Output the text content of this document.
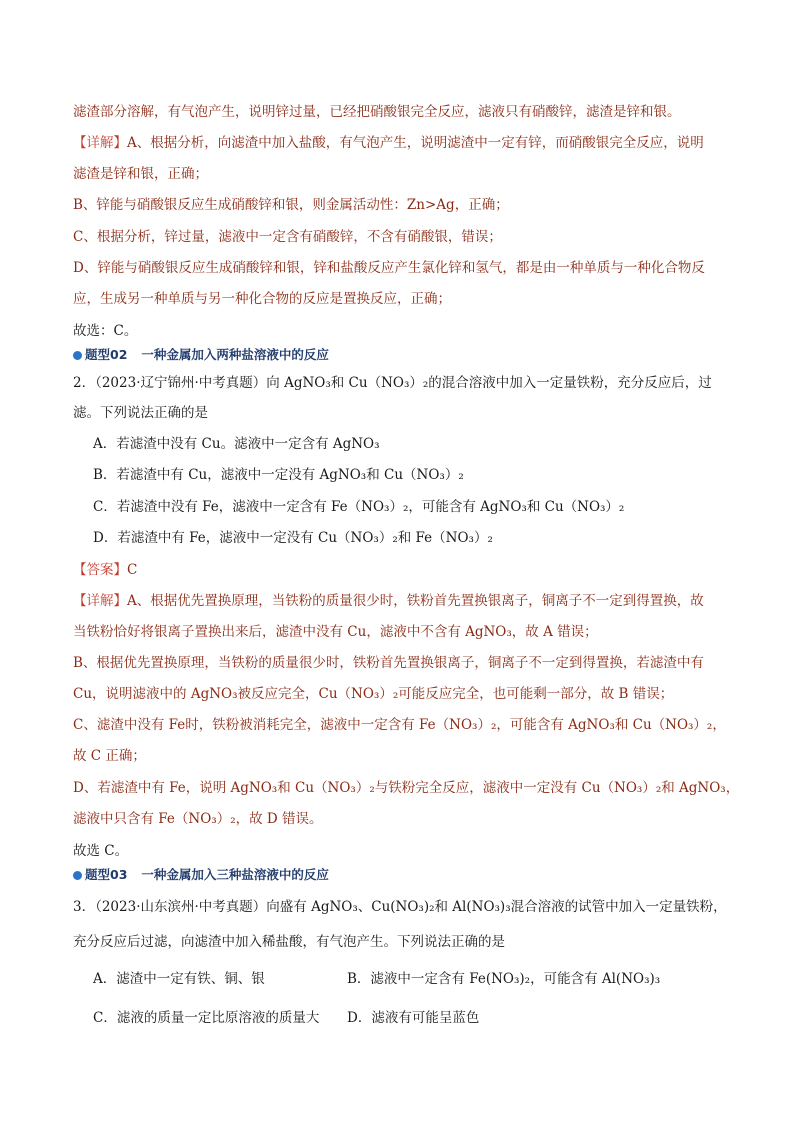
滤渣部分溶解，有气泡产生，说明锌过量，已经把硝酸银完全反应，滤液只有硝酸锌，滤渣是锌和银。
【详解】A、根据分析，向滤渣中加入盐酸，有气泡产生，说明滤渣中一定有锌，而硝酸银完全反应，说明
滤渣是锌和银，正确；
B、锌能与硝酸银反应生成硝酸锌和银，则金属活动性：Zn>Ag，正确；
C、根据分析，锌过量，滤液中一定含有硝酸锌，不含有硝酸银，错误；
D、锌能与硝酸银反应生成硝酸锌和银，锌和盐酸反应产生氯化锌和氢气，都是由一种单质与一种化合物反
应，生成另一种单质与另一种化合物的反应是置换反应，正确；
故选：C。
题型02 一种金属加入两种盐溶液中的反应
2．（2023·辽宁锦州·中考真题）向 AgNO₃和 Cu（NO₃）₂的混合溶液中加入一定量铁粉，充分反应后，过
滤。下列说法正确的是
A．若滤渣中没有 Cu。滤液中一定含有 AgNO₃
B．若滤渣中有 Cu，滤液中一定没有 AgNO₃和 Cu（NO₃）₂
C．若滤渣中没有 Fe，滤液中一定含有 Fe（NO₃）₂，可能含有 AgNO₃和 Cu（NO₃）₂
D．若滤渣中有 Fe，滤液中一定没有 Cu（NO₃）₂和 Fe（NO₃）₂
【答案】C
【详解】A、根据优先置换原理，当铁粉的质量很少时，铁粉首先置换银离子，铜离子不一定到得置换，故
当铁粉恰好将银离子置换出来后，滤渣中没有 Cu，滤液中不含有 AgNO₃，故 A 错误；
B、根据优先置换原理，当铁粉的质量很少时，铁粉首先置换银离子，铜离子不一定到得置换，若滤渣中有
Cu，说明滤液中的 AgNO₃被反应完全，Cu（NO₃）₂可能反应完全，也可能剩一部分，故 B 错误；
C、滤渣中没有 Fe时，铁粉被消耗完全，滤液中一定含有 Fe（NO₃）₂，可能含有 AgNO₃和 Cu（NO₃）₂，
故 C 正确；
D、若滤渣中有 Fe，说明 AgNO₃和 Cu（NO₃）₂与铁粉完全反应，滤液中一定没有 Cu（NO₃）₂和 AgNO₃，
滤液中只含有 Fe（NO₃）₂，故 D 错误。
故选 C。
题型03 一种金属加入三种盐溶液中的反应
3．（2023·山东滨州·中考真题）向盛有 AgNO₃、Cu(NO₃)₂和 Al(NO₃)₃混合溶液的试管中加入一定量铁粉，
充分反应后过滤，向滤渣中加入稀盐酸，有气泡产生。下列说法正确的是
A．滤渣中一定有铁、铜、银	B．滤液中一定含有 Fe(NO₃)₂，可能含有 Al(NO₃)₃
C．滤液的质量一定比原溶液的质量大 D．滤液有可能呈蓝色
